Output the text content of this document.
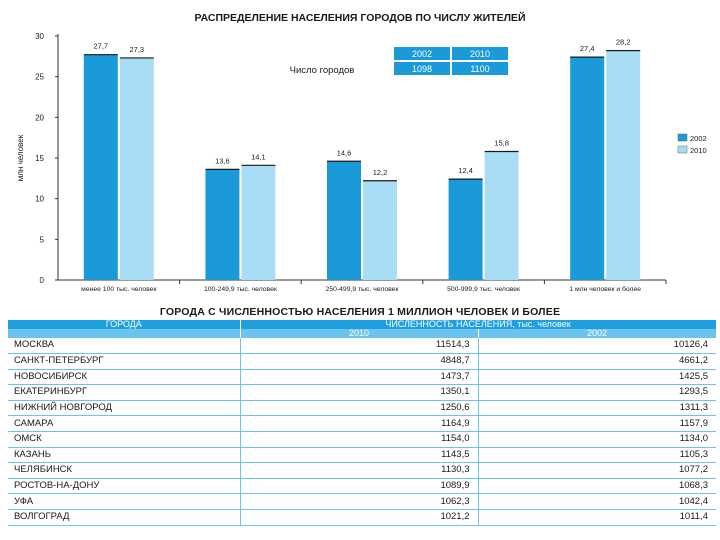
РАСПРЕДЕЛЕНИЕ НАСЕЛЕНИЯ ГОРОДОВ ПО ЧИСЛУ ЖИТЕЛЕЙ
млн человек
0
5
10
15
20
25
30
27,7	27,3
менее 100 тыс. человек
13,6	14,1
100-249,9 тыс. человек
14,6
12,2
250-499,9 тыс. человек
12,4
15,8
500-999,9 тыс. человек
27,4
28,2
1 млн человек и более
2002
2010
Число городов
2002
1098
2010
1100
ГОРОДА С ЧИСЛЕННОСТЬЮ НАСЕЛЕНИЯ 1 МИЛЛИОН ЧЕЛОВЕК И БОЛЕЕ
ГОРОДА	ЧИСЛЕННОСТЬ НАСЕЛЕНИЯ, тыс. человек	
	2010	2002
МОСКВА	11514,3	10126,4
САНКТ-ПЕТЕРБУРГ	4848,7	4661,2
НОВОСИБИРСК	1473,7	1425,5
ЕКАТЕРИНБУРГ	1350,1	1293,5
НИЖНИЙ НОВГОРОД	1250,6	1311,3
САМАРА	1164,9	1157,9
ОМСК	1154,0	1134,0
КАЗАНЬ	1143,5	1105,3
ЧЕЛЯБИНСК	1130,3	1077,2
РОСТОВ-НА-ДОНУ	1089,9	1068,3
УФА	1062,3	1042,4
ВОЛГОГРАД	1021,2	1011,4
